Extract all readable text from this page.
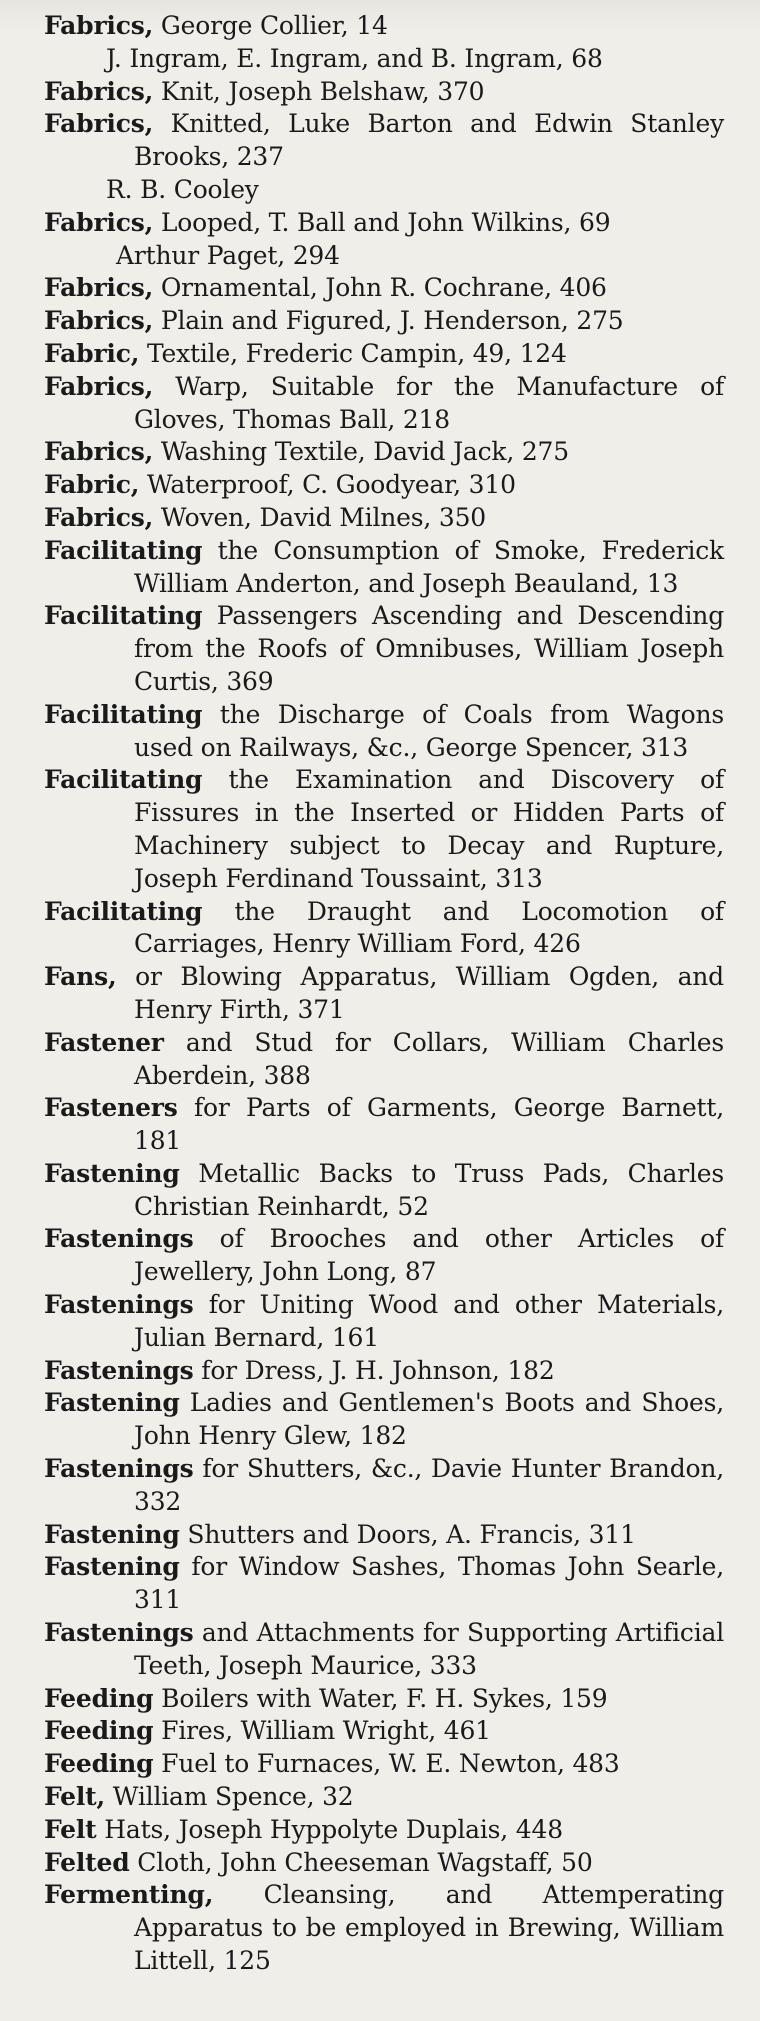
Fabrics, George Collier, 14
J. Ingram, E. Ingram, and B. Ingram, 68
Fabrics, Knit, Joseph Belshaw, 370
Fabrics, Knitted, Luke Barton and Edwin Stanley Brooks, 237
R. B. Cooley
Fabrics, Looped, T. Ball and John Wilkins, 69
Arthur Paget, 294
Fabrics, Ornamental, John R. Cochrane, 406
Fabrics, Plain and Figured, J. Henderson, 275
Fabric, Textile, Frederic Campin, 49, 124
Fabrics, Warp, Suitable for the Manufacture of Gloves, Thomas Ball, 218
Fabrics, Washing Textile, David Jack, 275
Fabric, Waterproof, C. Goodyear, 310
Fabrics, Woven, David Milnes, 350
Facilitating the Consumption of Smoke, Frederick William Anderton, and Joseph Beauland, 13
Facilitating Passengers Ascending and Descending from the Roofs of Omnibuses, William Joseph Curtis, 369
Facilitating the Discharge of Coals from Wagons used on Railways, &c., George Spencer, 313
Facilitating the Examination and Discovery of Fissures in the Inserted or Hidden Parts of Machinery subject to Decay and Rupture, Joseph Ferdinand Toussaint, 313
Facilitating the Draught and Locomotion of Carriages, Henry William Ford, 426
Fans, or Blowing Apparatus, William Ogden, and Henry Firth, 371
Fastener and Stud for Collars, William Charles Aberdein, 388
Fasteners for Parts of Garments, George Barnett, 181
Fastening Metallic Backs to Truss Pads, Charles Christian Reinhardt, 52
Fastenings of Brooches and other Articles of Jewellery, John Long, 87
Fastenings for Uniting Wood and other Materials, Julian Bernard, 161
Fastenings for Dress, J. H. Johnson, 182
Fastening Ladies and Gentlemen's Boots and Shoes, John Henry Glew, 182
Fastenings for Shutters, &c., Davie Hunter Brandon, 332
Fastening Shutters and Doors, A. Francis, 311
Fastening for Window Sashes, Thomas John Searle, 311
Fastenings and Attachments for Supporting Artificial Teeth, Joseph Maurice, 333
Feeding Boilers with Water, F. H. Sykes, 159
Feeding Fires, William Wright, 461
Feeding Fuel to Furnaces, W. E. Newton, 483
Felt, William Spence, 32
Felt Hats, Joseph Hyppolyte Duplais, 448
Felted Cloth, John Cheeseman Wagstaff, 50
Fermenting, Cleansing, and Attemperating Apparatus to be employed in Brewing, William Littell, 125
